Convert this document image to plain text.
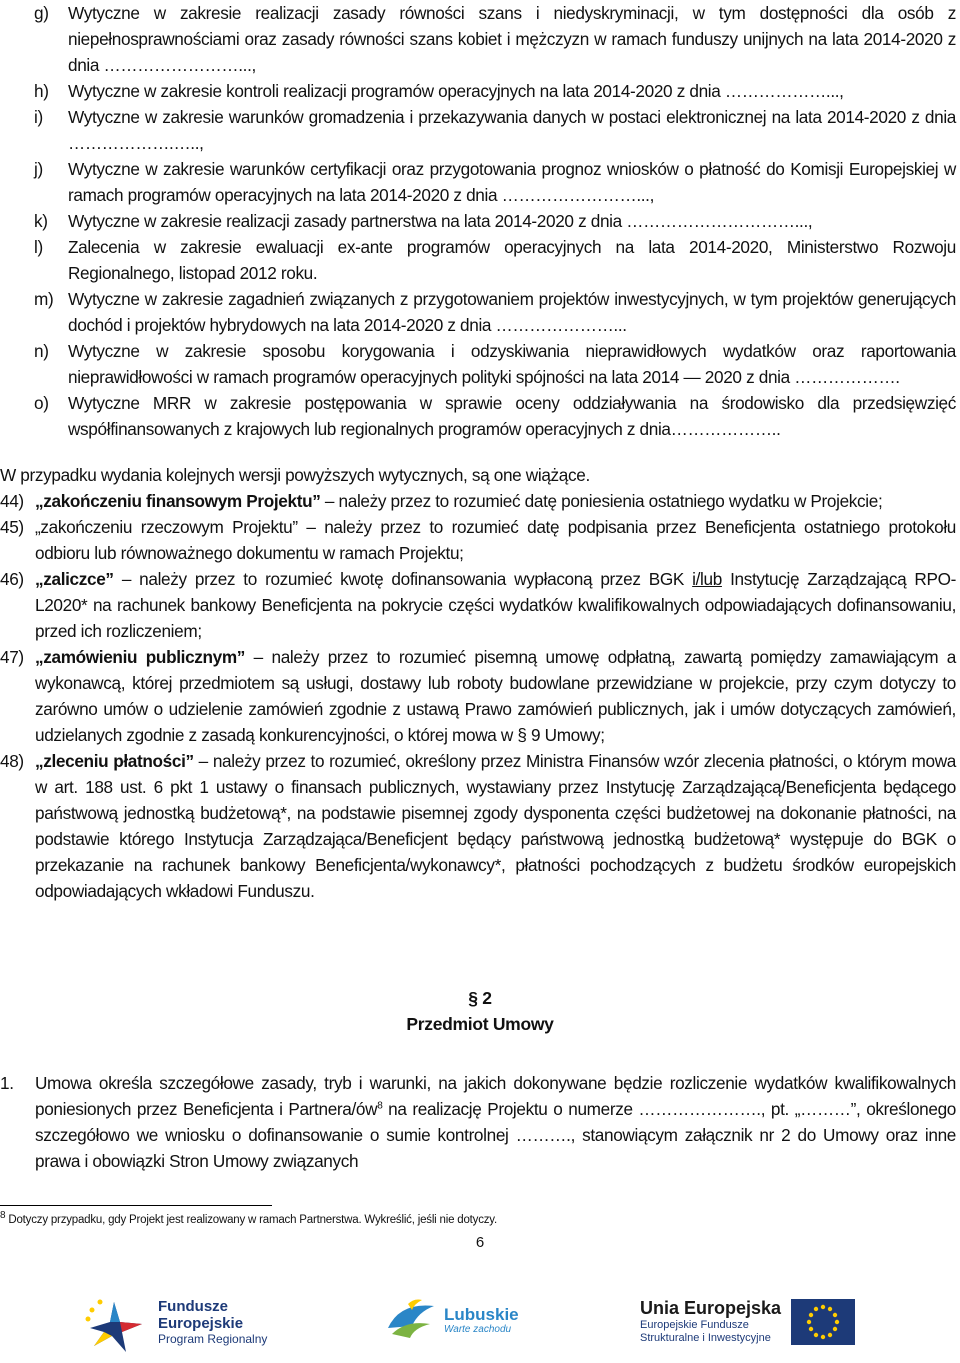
g)	Wytyczne w zakresie realizacji zasady równości szans i niedyskryminacji, w tym dostępności dla osób z niepełnosprawnościami oraz zasady równości szans kobiet i mężczyzn w ramach funduszy unijnych na lata 2014-2020 z dnia ……………………...,
h)	Wytyczne w zakresie kontroli realizacji programów operacyjnych na lata 2014-2020 z dnia ………………...,
i)	Wytyczne w zakresie warunków gromadzenia i przekazywania danych w postaci elektronicznej na lata 2014-2020 z dnia ……………….…..,
j)	Wytyczne w zakresie warunków certyfikacji oraz przygotowania prognoz wniosków o płatność do Komisji Europejskiej w ramach programów operacyjnych na lata 2014-2020 z dnia ……………………...,
k)	Wytyczne w zakresie realizacji zasady partnerstwa na lata 2014-2020 z dnia …………………………...,
l)	Zalecenia w zakresie ewaluacji ex-ante programów operacyjnych na lata 2014-2020, Ministerstwo Rozwoju Regionalnego, listopad 2012 roku.
m) Wytyczne w zakresie zagadnień związanych z przygotowaniem projektów inwestycyjnych, w tym projektów generujących dochód i projektów hybrydowych na lata 2014-2020 z dnia …………………...
n)	Wytyczne w zakresie sposobu korygowania i odzyskiwania nieprawidłowych wydatków oraz raportowania nieprawidłowości w ramach programów operacyjnych polityki spójności na lata 2014 — 2020 z dnia ……………….
o)	Wytyczne MRR w zakresie postępowania w sprawie oceny oddziaływania na środowisko dla przedsięwzięć współfinansowanych z krajowych lub regionalnych programów operacyjnych z dnia………………..
W przypadku wydania kolejnych wersji powyższych wytycznych, są one wiążące.
44) „zakończeniu finansowym Projektu” – należy przez to rozumieć datę poniesienia ostatniego wydatku w Projekcie;
45) „zakończeniu rzeczowym Projektu” – należy przez to rozumieć datę podpisania przez Beneficjenta ostatniego protokołu odbioru lub równoważnego dokumentu w ramach Projektu;
46) „zaliczce” – należy przez to rozumieć kwotę dofinansowania wypłaconą przez BGK i/lub Instytucję Zarządzającą RPO-L2020* na rachunek bankowy Beneficjenta na pokrycie części wydatków kwalifikowalnych odpowiadających dofinansowaniu, przed ich rozliczeniem;
47) „zamówieniu publicznym” – należy przez to rozumieć pisemną umowę odpłatną, zawartą pomiędzy zamawiającym a wykonawcą, której przedmiotem są usługi, dostawy lub roboty budowlane przewidziane w projekcie, przy czym dotyczy to zarówno umów o udzielenie zamówień zgodnie z ustawą Prawo zamówień publicznych, jak i umów dotyczących zamówień, udzielanych zgodnie z zasadą konkurencyjności, o której mowa w § 9 Umowy;
48) „zleceniu płatności” – należy przez to rozumieć, określony przez Ministra Finansów wzór zlecenia płatności, o którym mowa w art. 188 ust. 6 pkt 1 ustawy o finansach publicznych, wystawiany przez Instytucję Zarządzającą/Beneficjenta będącego państwową jednostką budżetową*, na podstawie pisemnej zgody dysponenta części budżetowej na dokonanie płatności, na podstawie którego Instytucja Zarządzająca/Beneficjent będący państwową jednostką budżetową* występuje do BGK o przekazanie na rachunek bankowy Beneficjenta/wykonawcy*, płatności pochodzących z budżetu środków europejskich odpowiadających wkładowi Funduszu.
§ 2
Przedmiot Umowy
1.	Umowa określa szczegółowe zasady, tryb i warunki, na jakich dokonywane będzie rozliczenie wydatków kwalifikowalnych poniesionych przez Beneficjenta i Partnera/ów$^8$ na realizację Projektu o numerze …………………., pt. „………”, określonego szczegółowo we wniosku o dofinansowanie o sumie kontrolnej ………., stanowiącym załącznik nr 2 do Umowy oraz inne prawa i obowiązki Stron Umowy związanych
$^8$ Dotyczy przypadku, gdy Projekt jest realizowany w ramach Partnerstwa. Wykreślić, jeśli nie dotyczy.
6
Fundusze
Europejskie
Program Regionalny
Lubuskie
Warte zachodu
Unia Europejska
Europejskie Fundusze
Strukturalne i Inwestycyjne
